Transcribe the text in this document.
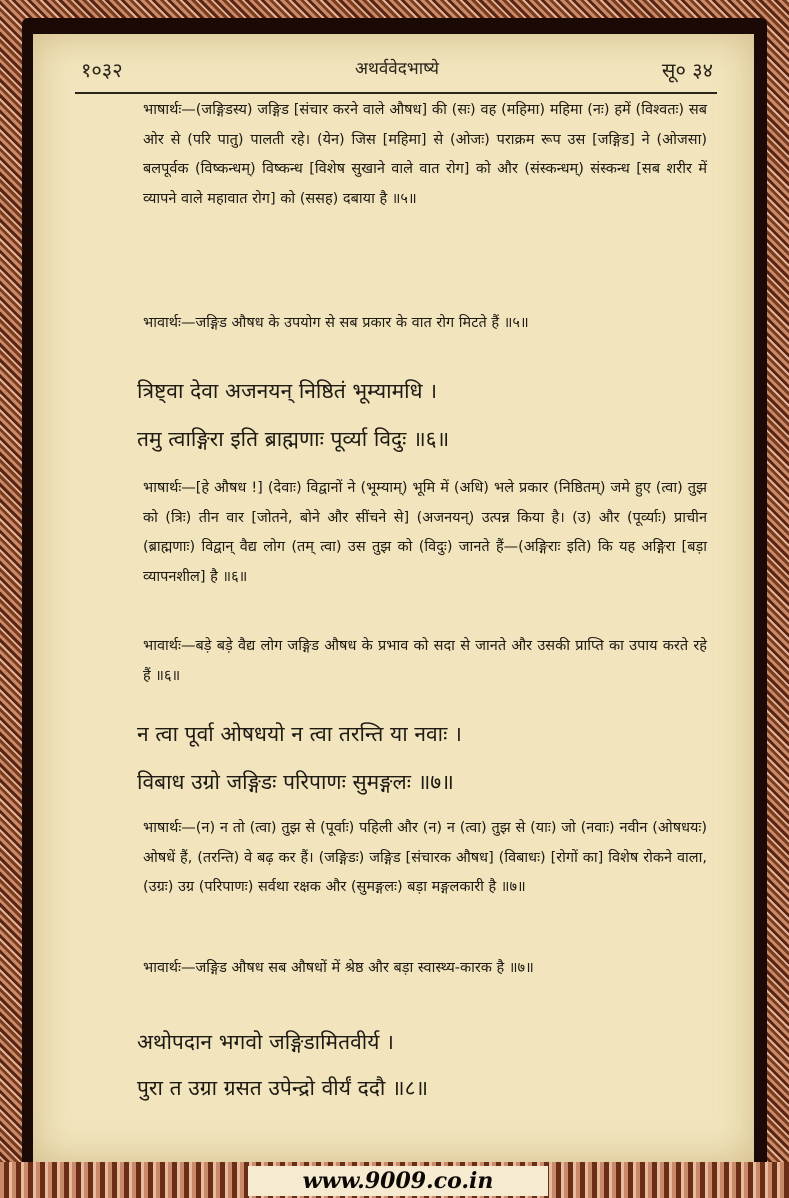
अथर्ववेदभाष्ये
१०३२	सू० ३४
भाषार्थः—(जङ्गिडस्य) जङ्गिड [संचार करने वाले औषध] की (सः) वह (महिमा) महिमा (नः) हमें (विश्वतः) सब ओर से (परि पातु) पालती रहे। (येन) जिस [महिमा] से (ओजः) पराक्रम रूप उस [जङ्गिड] ने (ओजसा) बलपूर्वक (विष्कन्धम्) विष्कन्ध [विशेष सुखाने वाले वात रोग] को और (संस्कन्धम्) संस्कन्ध [सब शरीर में व्यापने वाले महावात रोग] को (ससह) दबाया है ॥५॥
भावार्थः—जङ्गिड औषध के उपयोग से सब प्रकार के वात रोग मिटते हैं ॥५॥
त्रिष्ट्वा देवा अजनयन् निष्ठितं भूम्यामधि ।
तमु त्वाङ्गिरा इति ब्राह्मणाः पूर्व्या विदुः ॥६॥
भाषार्थः—[हे औषध !] (देवाः) विद्वानों ने (भूम्याम्) भूमि में (अधि) भले प्रकार (निष्ठितम्) जमे हुए (त्वा) तुझ को (त्रिः) तीन वार [जोतने, बोने और सींचने से] (अजनयन्) उत्पन्न किया है। (उ) और (पूर्व्याः) प्राचीन (ब्राह्मणाः) विद्वान् वैद्य लोग (तम् त्वा) उस तुझ को (विदुः) जानते हैं—(अङ्गिराः इति) कि यह अङ्गिरा [बड़ा व्यापनशील] है ॥६॥
भावार्थः—बड़े बड़े वैद्य लोग जङ्गिड औषध के प्रभाव को सदा से जानते और उसकी प्राप्ति का उपाय करते रहे हैं ॥६॥
न त्वा पूर्वा ओषधयो न त्वा तरन्ति या नवाः ।
विबाध उग्रो जङ्गिडः परिपाणः सुमङ्गलः ॥७॥
भाषार्थः—(न) न तो (त्वा) तुझ से (पूर्वाः) पहिली और (न) न (त्वा) तुझ से (याः) जो (नवाः) नवीन (ओषधयः) ओषधें हैं, (तरन्ति) वे बढ़ कर हैं। (जङ्गिडः) जङ्गिड [संचारक औषध] (विबाधः) [रोगों का] विशेष रोकने वाला, (उग्रः) उग्र (परिपाणः) सर्वथा रक्षक और (सुमङ्गलः) बड़ा मङ्गलकारी है ॥७॥
भावार्थः—जङ्गिड औषध सब औषधों में श्रेष्ठ और बड़ा स्वास्थ्य-कारक है ॥७॥
अथोपदान भगवो जङ्गिडामितवीर्य ।
पुरा त उग्रा ग्रसत उपेन्द्रो वीर्यं ददौ ॥८॥
www.9009.co.in
